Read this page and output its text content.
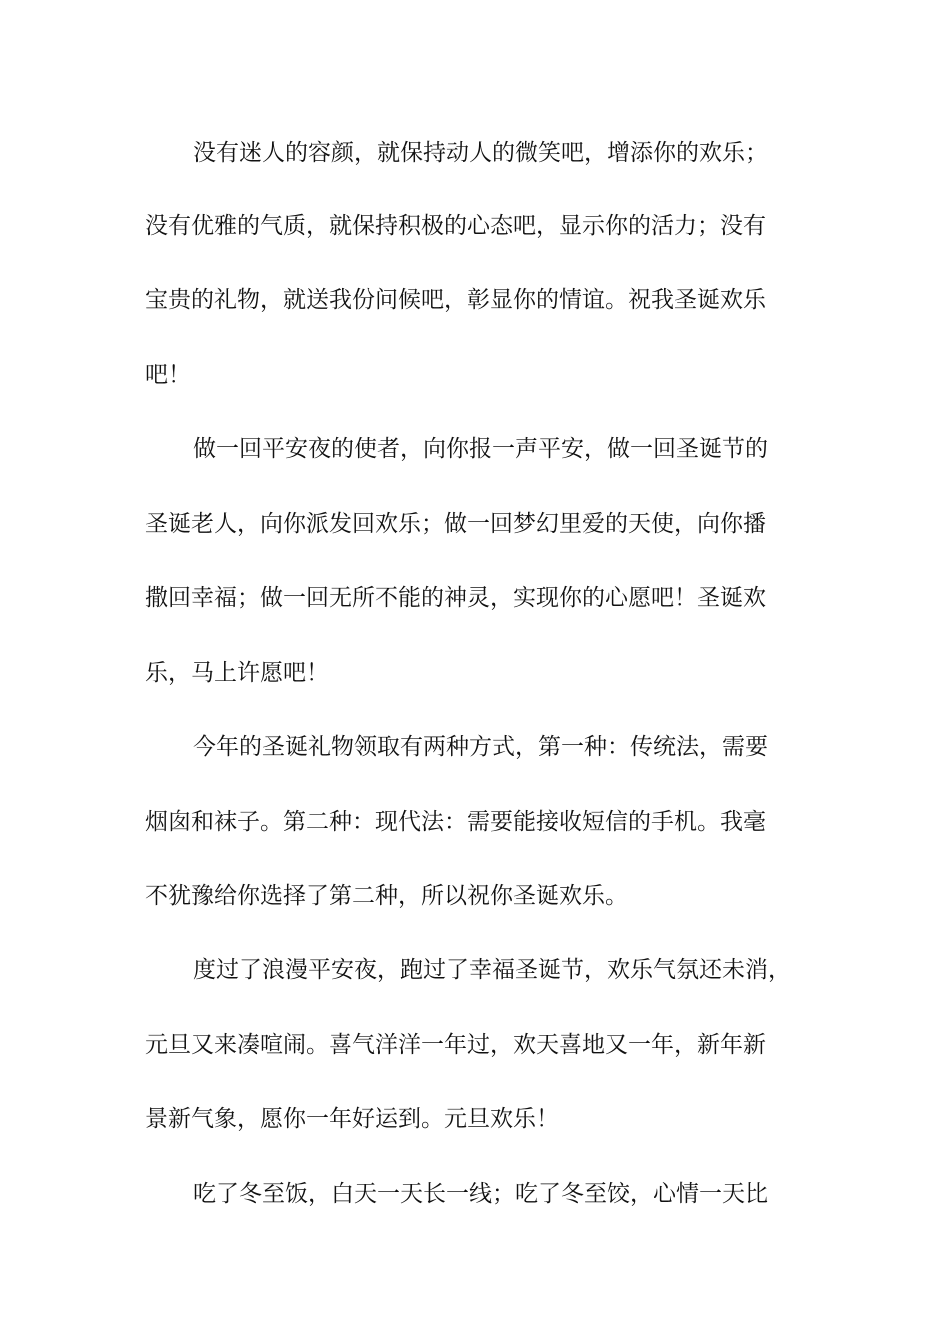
没有迷人的容颜，就保持动人的微笑吧，增添你的欢乐；
没有优雅的气质，就保持积极的心态吧，显示你的活力；没有
宝贵的礼物，就送我份问候吧，彰显你的情谊。祝我圣诞欢乐
吧！
做一回平安夜的使者，向你报一声平安，做一回圣诞节的
圣诞老人，向你派发回欢乐；做一回梦幻里爱的天使，向你播
撒回幸福；做一回无所不能的神灵，实现你的心愿吧！圣诞欢
乐，马上许愿吧！
今年的圣诞礼物领取有两种方式，第一种：传统法，需要
烟囱和袜子。第二种：现代法：需要能接收短信的手机。我毫
不犹豫给你选择了第二种，所以祝你圣诞欢乐。
度过了浪漫平安夜，跑过了幸福圣诞节，欢乐气氛还未消，
元旦又来凑喧闹。喜气洋洋一年过，欢天喜地又一年，新年新
景新气象，愿你一年好运到。元旦欢乐！
吃了冬至饭，白天一天长一线；吃了冬至饺，心情一天比
